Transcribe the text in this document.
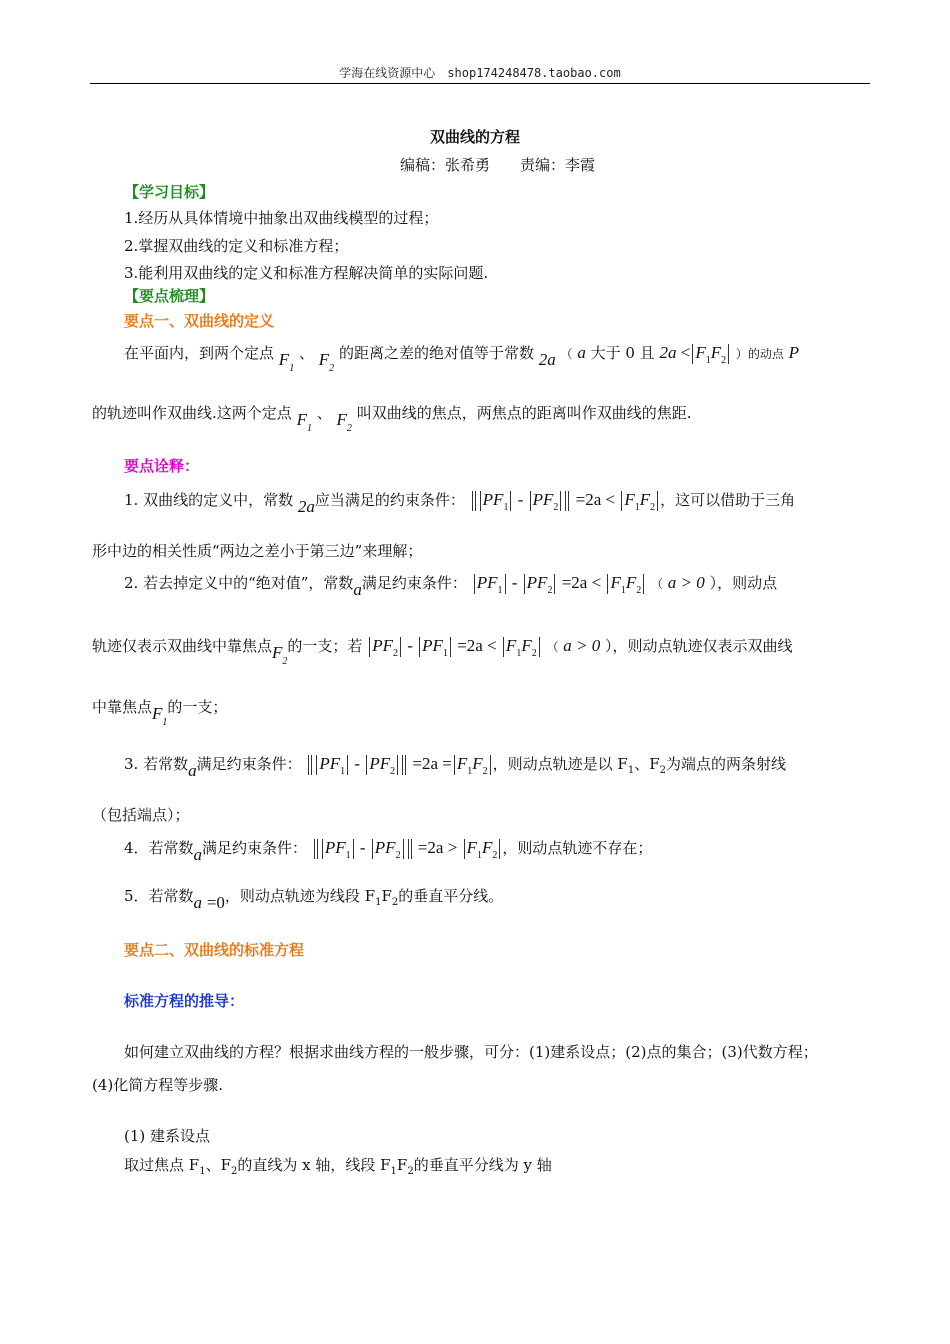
学海在线资源中心 shop174248478.taobao.com
双曲线的方程
编稿：张希勇　　责编：李霞
【学习目标】
1.经历从具体情境中抽象出双曲线模型的过程；
2.掌握双曲线的定义和标准方程；
3.能利用双曲线的定义和标准方程解决简单的实际问题.
【要点梳理】
要点一、双曲线的定义
在平面内，到两个定点 $F_1$ 、 $F_2$ 的距离之差的绝对值等于常数 2a （ a 大于 0 且 $2a < F_1F_2$ ）的动点 P
的轨迹叫作双曲线.这两个定点 $F_1$ 、 $F_2$ 叫双曲线的焦点，两焦点的距离叫作双曲线的焦距.
要点诠释：
1. 双曲线的定义中，常数 2a应当满足的约束条件： $PF_1 - PF_2 =2a < F_1F_2$ ，这可以借助于三角
形中边的相关性质“两边之差小于第三边”来理解；
2. 若去掉定义中的“绝对值”，常数a满足约束条件： $PF_1 - PF_2 =2a < F_1F_2$ （ a > 0 ），则动点
轨迹仅表示双曲线中靠焦点$F_2$的一支；若 $PF_2 - PF_1 =2a < F_1F_2$ （ a > 0 ），则动点轨迹仅表示双曲线
中靠焦点$F_1$的一支；
3. 若常数a满足约束条件： $PF_1 - PF_2 =2a = F_1F_2$ ，则动点轨迹是以 $F_1$、$F_2$为端点的两条射线
（包括端点）；
4．若常数a满足约束条件： $PF_1 - PF_2 =2a > F_1F_2$ ，则动点轨迹不存在；
5．若常数a =0，则动点轨迹为线段 $F_1F_2$的垂直平分线。
要点二、双曲线的标准方程
标准方程的推导：
如何建立双曲线的方程？根据求曲线方程的一般步骤，可分：(1)建系设点；(2)点的集合；(3)代数方程；
(4)化简方程等步骤.
(1) 建系设点
取过焦点 $F_1$、$F_2$的直线为 x 轴，线段 $F_1F_2$的垂直平分线为 y 轴
